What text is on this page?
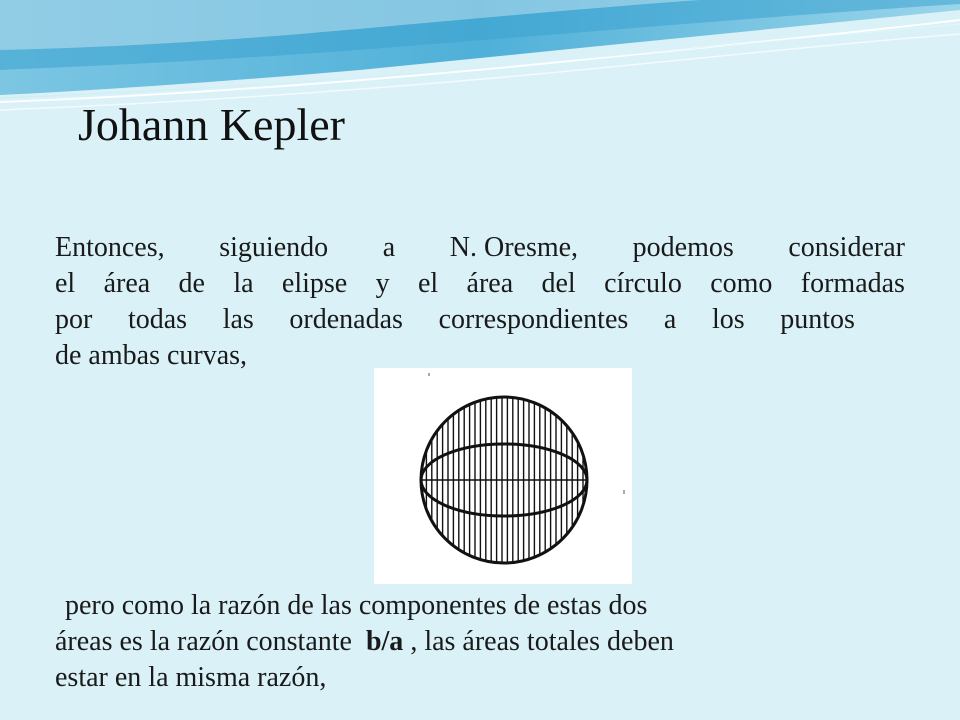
Johann Kepler
Entonces, siguiendo a N. Oresme, podemos considerar
el área de la elipse y el área del círculo como formadas
por todas las ordenadas correspondientes a los puntos
de ambas curvas,
pero como la razón de las componentes de estas dos
áreas es la razón constante b/a , las áreas totales deben
estar en la misma razón,
